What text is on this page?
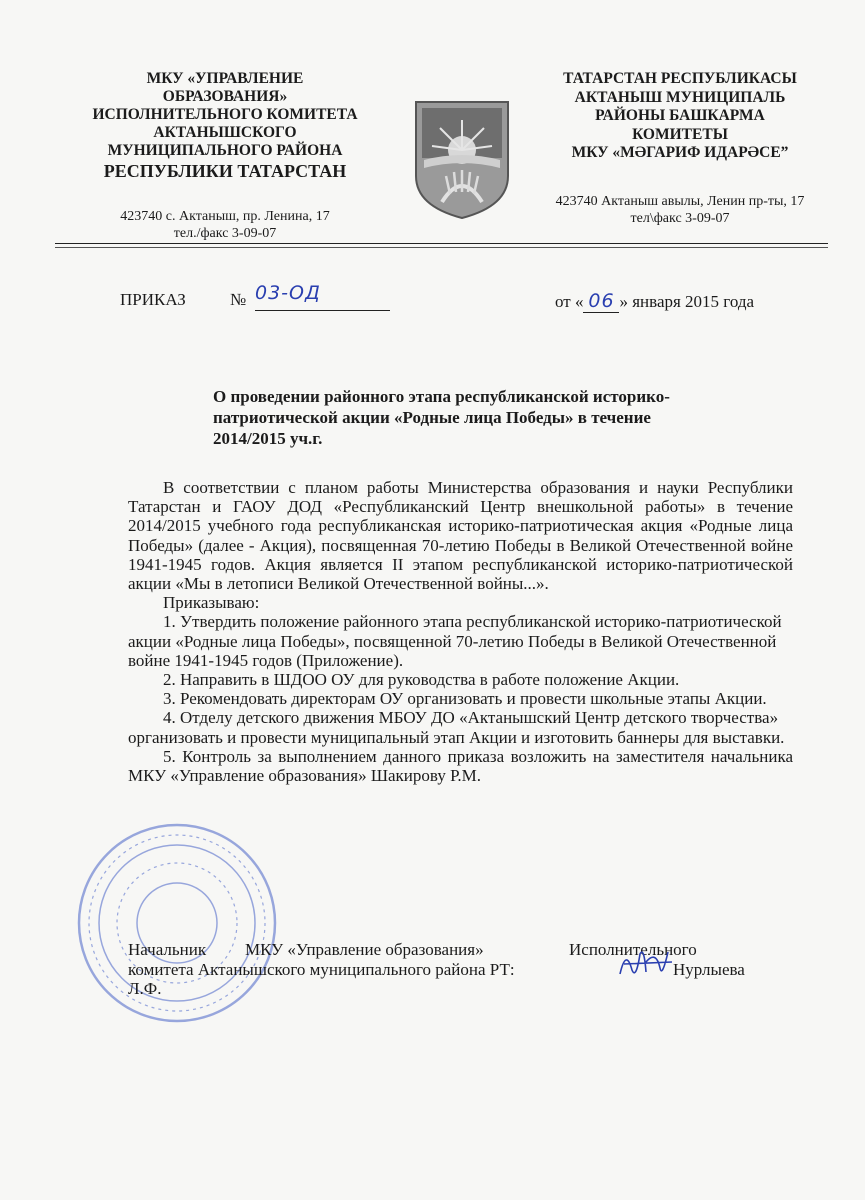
МКУ «УПРАВЛЕНИЕ
ОБРАЗОВАНИЯ»
ИСПОЛНИТЕЛЬНОГО КОМИТЕТА
АКТАНЫШСКОГО
МУНИЦИПАЛЬНОГО РАЙОНА
РЕСПУБЛИКИ ТАТАРСТАН
423740 с. Актаныш, пр. Ленина, 17
тел./факс 3-09-07
ТАТАРСТАН РЕСПУБЛИКАСЫ
АКТАНЫШ МУНИЦИПАЛЬ
РАЙОНЫ БАШКАРМА
КОМИТЕТЫ
МКУ «МӘГАРИФ ИДАРӘСЕ”
423740 Актаныш авылы, Ленин пр-ты, 17
тел\факс 3-09-07
ПРИКАЗ	№ 03-ОД	от « 06 » января 2015 года
О проведении районного этапа республиканской историко-
патриотической акции «Родные лица Победы» в течение
2014/2015 уч.г.

В соответствии с планом работы Министерства образования и науки Республики Татарстан и ГАОУ ДОД «Республиканский Центр внешкольной работы» в течение 2014/2015 учебного года республиканская историко-патриотическая акция «Родные лица Победы» (далее - Акция), посвященная 70-летию Победы в Великой Отечественной войне 1941-1945 годов. Акция является II этапом республиканской историко-патриотической акции «Мы в летописи Великой Отечественной войны...».

Приказываю:

1. Утвердить положение районного этапа республиканской историко-патриотической акции «Родные лица Победы», посвященной 70-летию Победы в Великой Отечественной войне 1941-1945 годов (Приложение).

2. Направить в ШДОО ОУ для руководства в работе положение Акции.

3. Рекомендовать директорам ОУ организовать и провести школьные этапы Акции.

4. Отделу детского движения МБОУ ДО «Актанышский Центр детского творчества» организовать и провести муниципальный этап Акции и изготовить баннеры для выставки.

5. Контроль за выполнением данного приказа возложить на заместителя начальника МКУ «Управление образования» Шакирову Р.М.

Начальник МКУ «Управление образования»	Исполнительного
комитета Актанышского муниципального района РТ:	Нурлыева
Л.Ф.
